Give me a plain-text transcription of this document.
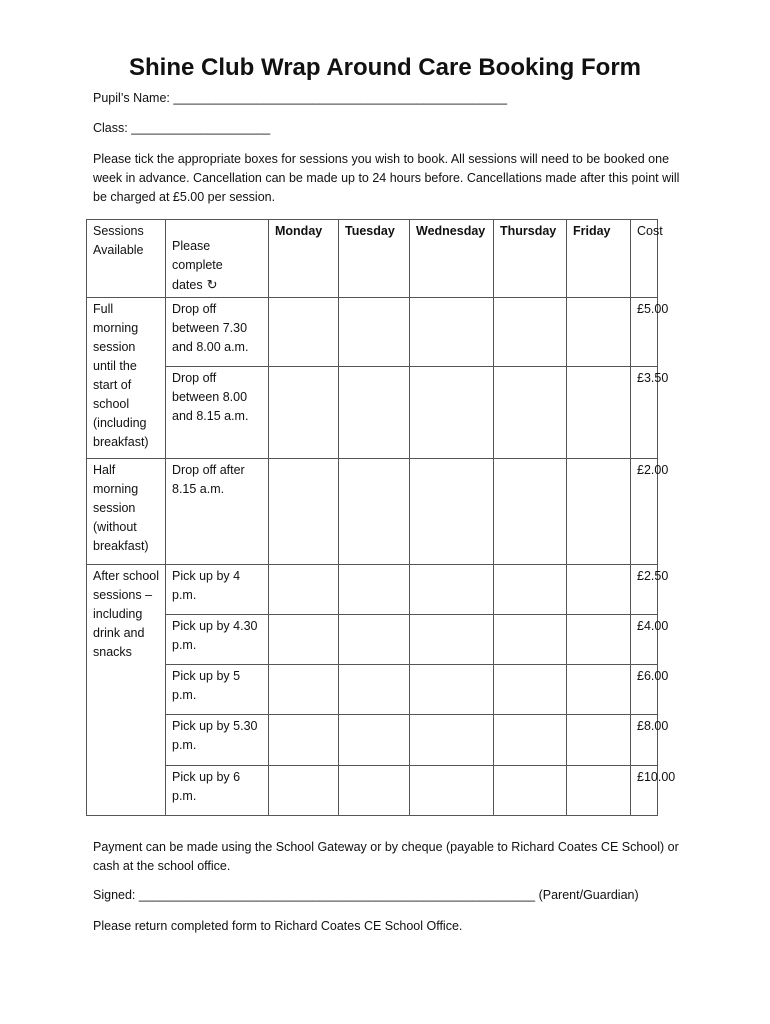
Shine Club Wrap Around Care Booking Form
Pupil’s Name: ________________________________________________
Class: ____________________
Please tick the appropriate boxes for sessions you wish to book. All sessions will need to be booked one week in advance. Cancellation can be made up to 24 hours before. Cancellations made after this point will be charged at £5.00 per session.
Sessions Available	Please complete dates ↻	Monday	Tuesday	Wednesday	Thursday	Friday	Cost
Full morning session until the start of school (including breakfast)	Drop off between 7.30 and 8.00 a.m.						£5.00
	Drop off between 8.00 and 8.15 a.m.						£3.50
Half morning session (without breakfast)	Drop off after 8.15 a.m.						£2.00
After school sessions – including drink and snacks	Pick up by 4 p.m.						£2.50
	Pick up by 4.30 p.m.						£4.00
	Pick up by 5 p.m.						£6.00
	Pick up by 5.30 p.m.						£8.00
	Pick up by 6 p.m.						£10.00
Payment can be made using the School Gateway or by cheque (payable to Richard Coates CE School) or cash at the school office.
Signed: _________________________________________________________ (Parent/Guardian)
Please return completed form to Richard Coates CE School Office.
